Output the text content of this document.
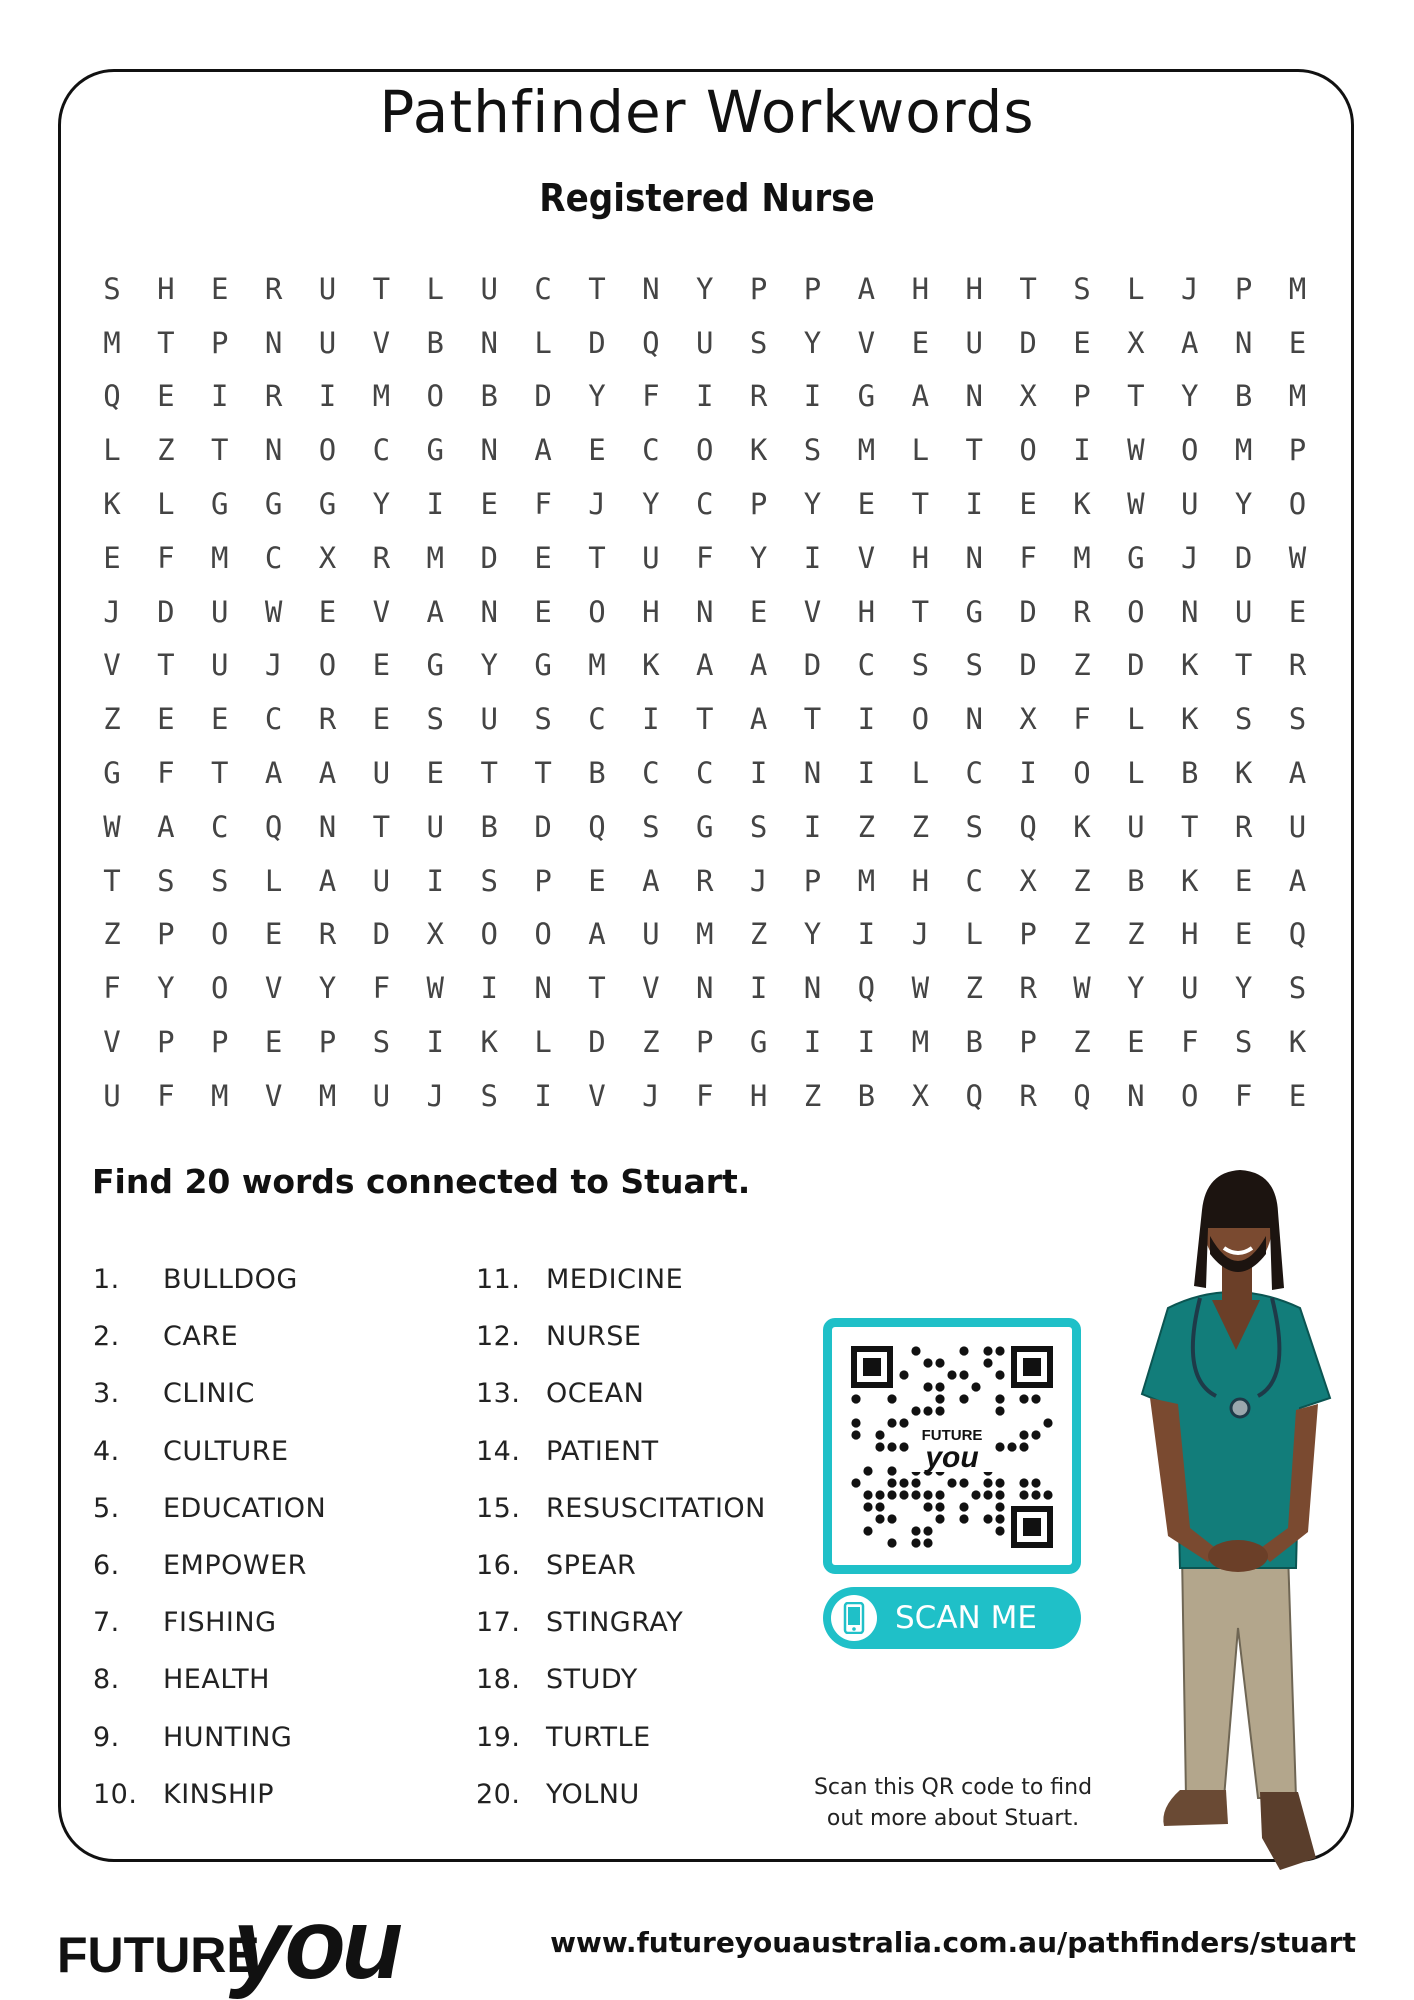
Pathfinder Workwords
Registered Nurse
S	H	E	R	U	T	L	U	C	T	N	Y	P	P	A	H	H	T	S	L	J	P	M
M	T	P	N	U	V	B	N	L	D	Q	U	S	Y	V	E	U	D	E	X	A	N	E
Q	E	I	R	I	M	O	B	D	Y	F	I	R	I	G	A	N	X	P	T	Y	B	M
L	Z	T	N	O	C	G	N	A	E	C	O	K	S	M	L	T	O	I	W	O	M	P
K	L	G	G	G	Y	I	E	F	J	Y	C	P	Y	E	T	I	E	K	W	U	Y	O
E	F	M	C	X	R	M	D	E	T	U	F	Y	I	V	H	N	F	M	G	J	D	W
J	D	U	W	E	V	A	N	E	O	H	N	E	V	H	T	G	D	R	O	N	U	E
V	T	U	J	O	E	G	Y	G	M	K	A	A	D	C	S	S	D	Z	D	K	T	R
Z	E	E	C	R	E	S	U	S	C	I	T	A	T	I	O	N	X	F	L	K	S	S
G	F	T	A	A	U	E	T	T	B	C	C	I	N	I	L	C	I	O	L	B	K	A
W	A	C	Q	N	T	U	B	D	Q	S	G	S	I	Z	Z	S	Q	K	U	T	R	U
T	S	S	L	A	U	I	S	P	E	A	R	J	P	M	H	C	X	Z	B	K	E	A
Z	P	O	E	R	D	X	O	O	A	U	M	Z	Y	I	J	L	P	Z	Z	H	E	Q
F	Y	O	V	Y	F	W	I	N	T	V	N	I	N	Q	W	Z	R	W	Y	U	Y	S
V	P	P	E	P	S	I	K	L	D	Z	P	G	I	I	M	B	P	Z	E	F	S	K
U	F	M	V	M	U	J	S	I	V	J	F	H	Z	B	X	Q	R	Q	N	O	F	E
Find 20 words connected to Stuart.
1.	BULLDOG
2.	CARE
3.	CLINIC
4.	CULTURE
5.	EDUCATION
6.	EMPOWER
7.	FISHING
8.	HEALTH
9.	HUNTING
10. KINSHIP
11. MEDICINE
12. NURSE
13. OCEAN
14. PATIENT
15. RESUSCITATION
16. SPEAR
17. STINGRAY
18. STUDY
19. TURTLE
20. YOLNU
FUTURE
you
SCAN ME
Scan this QR code to find
out more about Stuart.
FUTURE
you	www.futureyouaustralia.com.au/pathfinders/stuart
